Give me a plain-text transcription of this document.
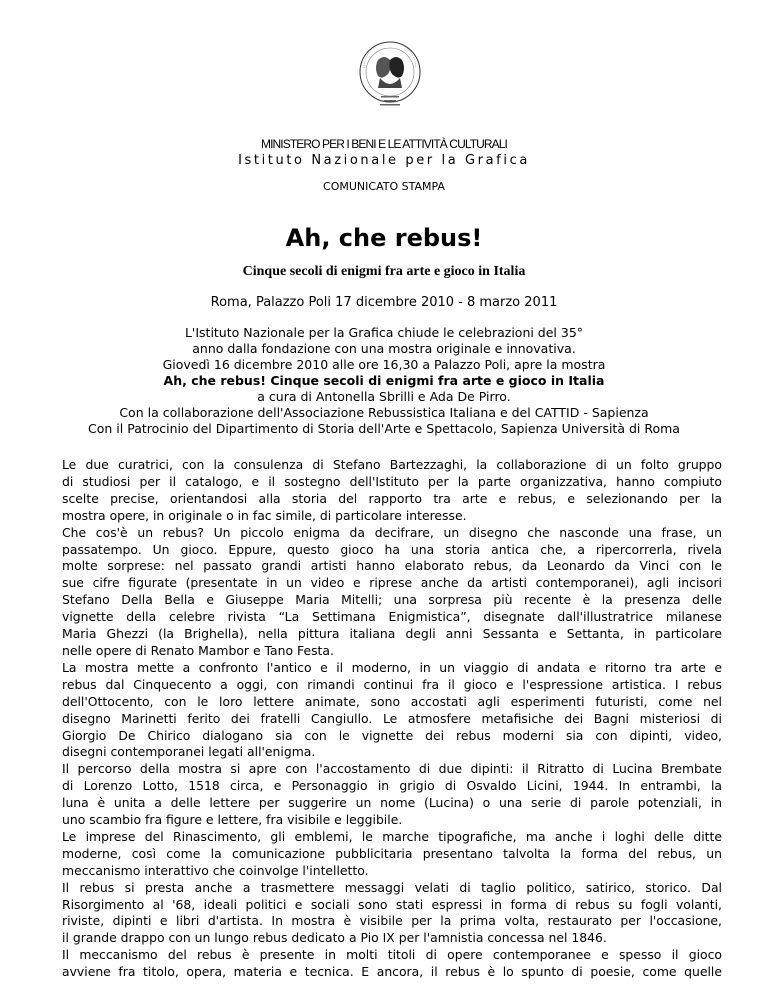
MINISTERO PER I BENI E LE ATTIVITÀ CULTURALI
Istituto Nazionale per la Grafica
COMUNICATO STAMPA
Ah, che rebus!
Cinque secoli di enigmi fra arte e gioco in Italia
Roma, Palazzo Poli 17 dicembre 2010 - 8 marzo 2011
L'Istituto Nazionale per la Grafica chiude le celebrazioni del 35°
anno dalla fondazione con una mostra originale e innovativa.
Giovedì 16 dicembre 2010 alle ore 16,30 a Palazzo Poli, apre la mostra
Ah, che rebus! Cinque secoli di enigmi fra arte e gioco in Italia
a cura di Antonella Sbrilli e Ada De Pirro.
Con la collaborazione dell'Associazione Rebussistica Italiana e del CATTID - Sapienza
Con il Patrocinio del Dipartimento di Storia dell'Arte e Spettacolo, Sapienza Università di Roma
Le due curatrici, con la consulenza di Stefano Bartezzaghi, la collaborazione di un folto gruppo
di studiosi per il catalogo, e il sostegno dell'Istituto per la parte organizzativa, hanno compiuto
scelte precise, orientandosi alla storia del rapporto tra arte e rebus, e selezionando per la
mostra opere, in originale o in fac simile, di particolare interesse.
Che cos'è un rebus? Un piccolo enigma da decifrare, un disegno che nasconde una frase, un
passatempo. Un gioco. Eppure, questo gioco ha una storia antica che, a ripercorrerla, rivela
molte sorprese: nel passato grandi artisti hanno elaborato rebus, da Leonardo da Vinci con le
sue cifre figurate (presentate in un video e riprese anche da artisti contemporanei), agli incisori
Stefano Della Bella e Giuseppe Maria Mitelli; una sorpresa più recente è la presenza delle
vignette della celebre rivista “La Settimana Enigmistica”, disegnate dall'illustratrice milanese
Maria Ghezzi (la Brighella), nella pittura italiana degli anni Sessanta e Settanta, in particolare
nelle opere di Renato Mambor e Tano Festa.
La mostra mette a confronto l'antico e il moderno, in un viaggio di andata e ritorno tra arte e
rebus dal Cinquecento a oggi, con rimandi continui fra il gioco e l'espressione artistica. I rebus
dell'Ottocento, con le loro lettere animate, sono accostati agli esperimenti futuristi, come nel
disegno Marinetti ferito dei fratelli Cangiullo. Le atmosfere metafisiche dei Bagni misteriosi di
Giorgio De Chirico dialogano sia con le vignette dei rebus moderni sia con dipinti, video,
disegni contemporanei legati all'enigma.
Il percorso della mostra si apre con l'accostamento di due dipinti: il Ritratto di Lucina Brembate
di Lorenzo Lotto, 1518 circa, e Personaggio in grigio di Osvaldo Licini, 1944. In entrambi, la
luna è unita a delle lettere per suggerire un nome (Lucina) o una serie di parole potenziali, in
uno scambio fra figure e lettere, fra visibile e leggibile.
Le imprese del Rinascimento, gli emblemi, le marche tipografiche, ma anche i loghi delle ditte
moderne, così come la comunicazione pubblicitaria presentano talvolta la forma del rebus, un
meccanismo interattivo che coinvolge l'intelletto.
Il rebus si presta anche a trasmettere messaggi velati di taglio politico, satirico, storico. Dal
Risorgimento al '68, ideali politici e sociali sono stati espressi in forma di rebus su fogli volanti,
riviste, dipinti e libri d'artista. In mostra è visibile per la prima volta, restaurato per l'occasione,
il grande drappo con un lungo rebus dedicato a Pio IX per l'amnistia concessa nel 1846.
Il meccanismo del rebus è presente in molti titoli di opere contemporanee e spesso il gioco
avviene fra titolo, opera, materia e tecnica. E ancora, il rebus è lo spunto di poesie, come quelle
